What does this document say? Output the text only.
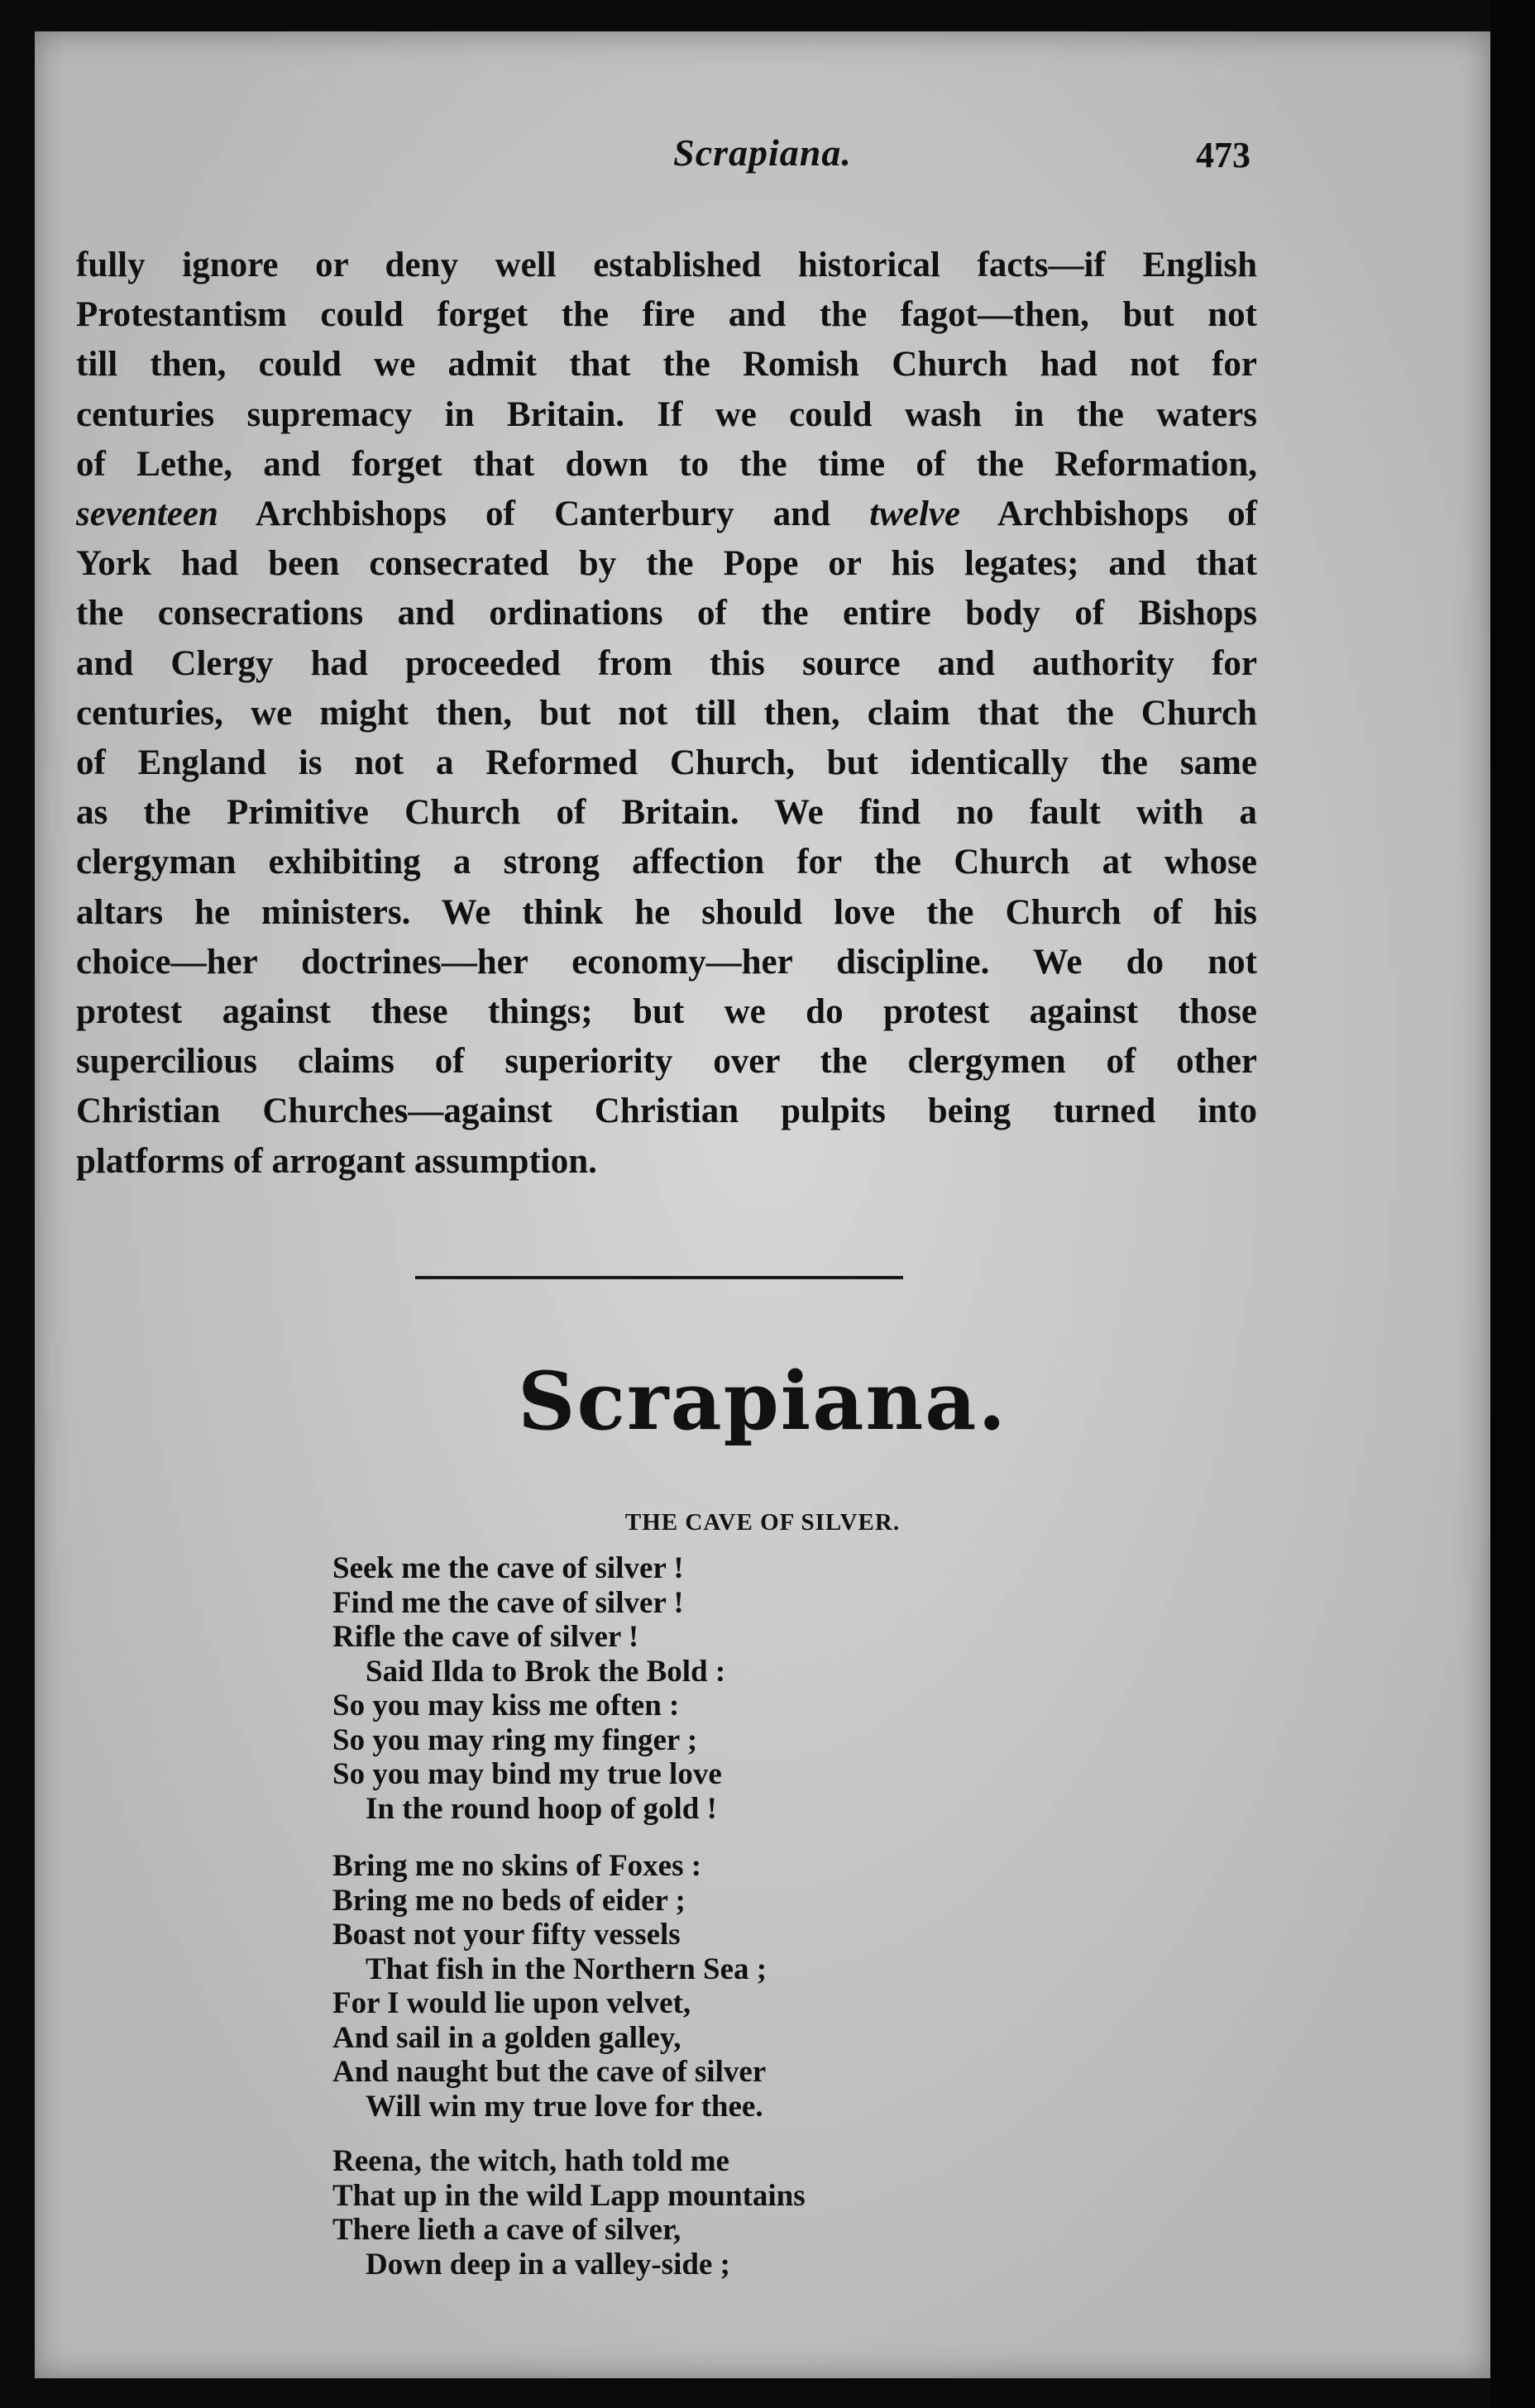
Scrapiana.	473

fully ignore or deny well established historical facts—if English
Protestantism could forget the fire and the fagot—then, but not
till then, could we admit that the Romish Church had not for
centuries supremacy in Britain. If we could wash in the waters
of Lethe, and forget that down to the time of the Reformation,
seventeen Archbishops of Canterbury and twelve Archbishops of
York had been consecrated by the Pope or his legates; and that
the consecrations and ordinations of the entire body of Bishops
and Clergy had proceeded from this source and authority for
centuries, we might then, but not till then, claim that the Church
of England is not a Reformed Church, but identically the same
as the Primitive Church of Britain. We find no fault with a
clergyman exhibiting a strong affection for the Church at whose
altars he ministers. We think he should love the Church of his
choice—her doctrines—her economy—her discipline. We do not
protest against these things; but we do protest against those
supercilious claims of superiority over the clergymen of other
Christian Churches—against Christian pulpits being turned into
platforms of arrogant assumption.

Scrapiana.
THE CAVE OF SILVER.
Seek me the cave of silver !
Find me the cave of silver !
Rifle the cave of silver !
Said Ilda to Brok the Bold :
So you may kiss me often :
So you may ring my finger ;
So you may bind my true love
In the round hoop of gold !
Bring me no skins of Foxes :
Bring me no beds of eider ;
Boast not your fifty vessels
That fish in the Northern Sea ;
For I would lie upon velvet,
And sail in a golden galley,
And naught but the cave of silver
Will win my true love for thee.
Reena, the witch, hath told me
That up in the wild Lapp mountains
There lieth a cave of silver,
Down deep in a valley-side ;
